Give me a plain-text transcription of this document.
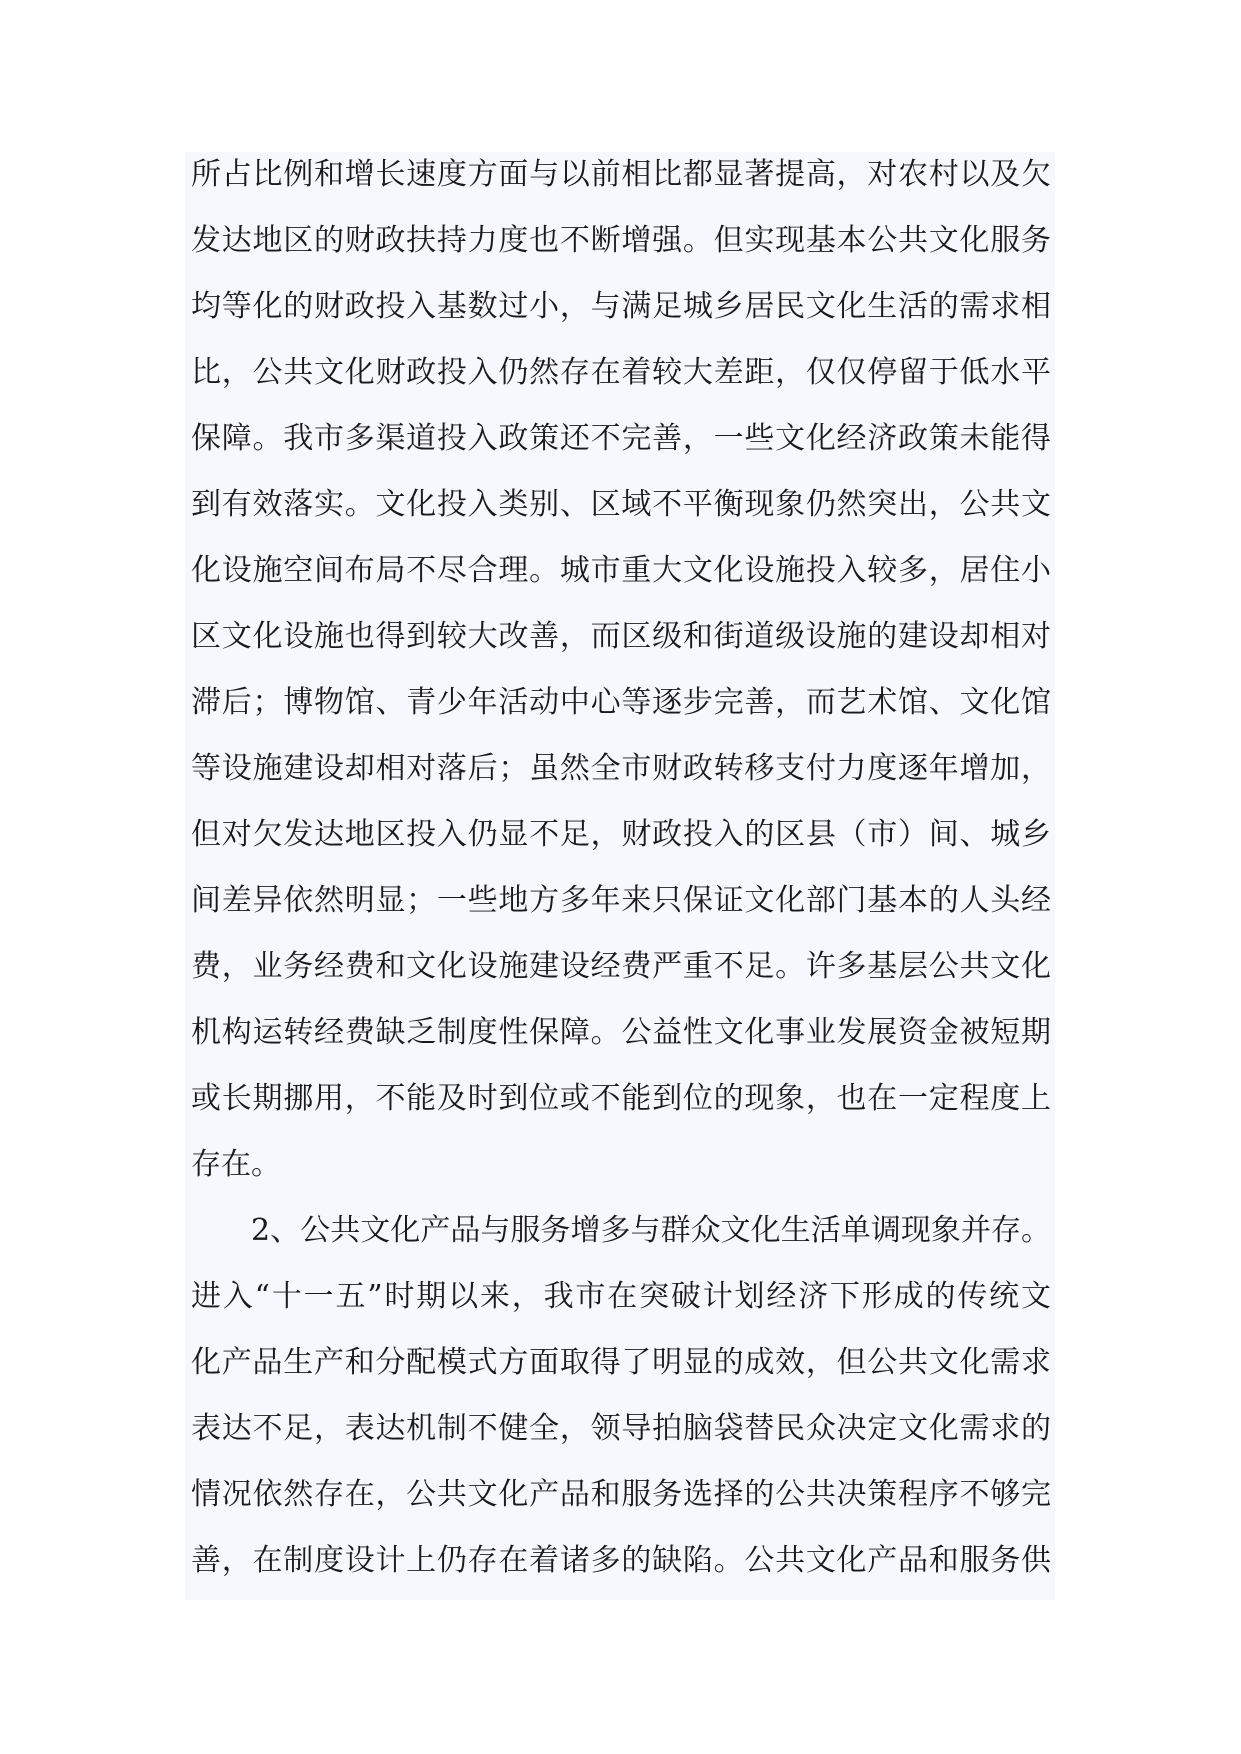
所占比例和增长速度方面与以前相比都显著提高，对农村以及欠
发达地区的财政扶持力度也不断增强。但实现基本公共文化服务
均等化的财政投入基数过小，与满足城乡居民文化生活的需求相
比，公共文化财政投入仍然存在着较大差距，仅仅停留于低水平
保障。我市多渠道投入政策还不完善，一些文化经济政策未能得
到有效落实。文化投入类别、区域不平衡现象仍然突出，公共文
化设施空间布局不尽合理。城市重大文化设施投入较多，居住小
区文化设施也得到较大改善，而区级和街道级设施的建设却相对
滞后；博物馆、青少年活动中心等逐步完善，而艺术馆、文化馆
等设施建设却相对落后；虽然全市财政转移支付力度逐年增加，
但对欠发达地区投入仍显不足，财政投入的区县（市）间、城乡
间差异依然明显；一些地方多年来只保证文化部门基本的人头经
费，业务经费和文化设施建设经费严重不足。许多基层公共文化
机构运转经费缺乏制度性保障。公益性文化事业发展资金被短期
或长期挪用，不能及时到位或不能到位的现象，也在一定程度上
存在。
2、公共文化产品与服务增多与群众文化生活单调现象并存。
进入“十一五”时期以来，我市在突破计划经济下形成的传统文
化产品生产和分配模式方面取得了明显的成效，但公共文化需求
表达不足，表达机制不健全，领导拍脑袋替民众决定文化需求的
情况依然存在，公共文化产品和服务选择的公共决策程序不够完
善，在制度设计上仍存在着诸多的缺陷。公共文化产品和服务供
